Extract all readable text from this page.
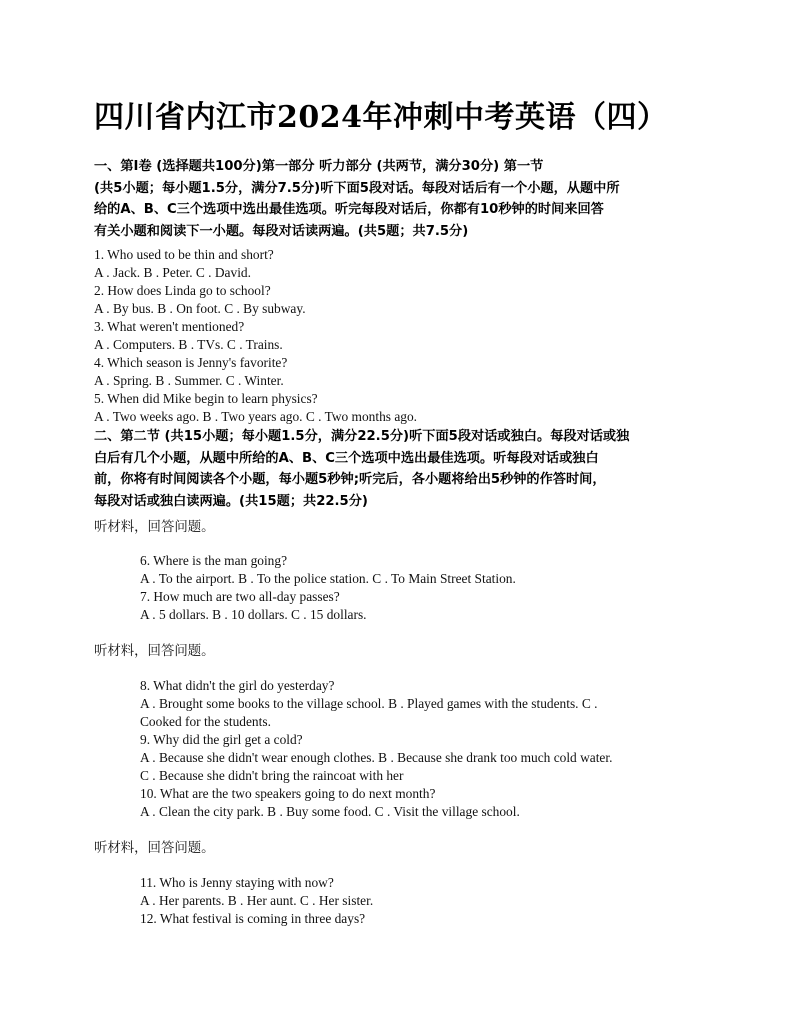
四川省内江市2024年冲刺中考英语（四）
一、第Ⅰ卷 (选择题共100分)第一部分 听力部分 (共两节，满分30分) 第一节
(共5小题；每小题1.5分，满分7.5分)听下面5段对话。每段对话后有一个小题，从题中所
给的A、B、C三个选项中选出最佳选项。听完每段对话后，你都有10秒钟的时间来回答
有关小题和阅读下一小题。每段对话读两遍。(共5题；共7.5分)
1. Who used to be thin and short?
A . Jack. B . Peter. C . David.
2. How does Linda go to school?
A . By bus. B . On foot. C . By subway.
3. What weren't mentioned?
A . Computers. B . TVs. C . Trains.
4. Which season is Jenny's favorite?
A . Spring. B . Summer. C . Winter.
5. When did Mike begin to learn physics?
A . Two weeks ago. B . Two years ago. C . Two months ago.
二、第二节 (共15小题；每小题1.5分，满分22.5分)听下面5段对话或独白。每段对话或独
白后有几个小题，从题中所给的A、B、C三个选项中选出最佳选项。听每段对话或独白
前，你将有时间阅读各个小题，每小题5秒钟;听完后，各小题将给出5秒钟的作答时间，
每段对话或独白读两遍。(共15题；共22.5分)
听材料，回答问题。
6. Where is the man going?
A . To the airport. B . To the police station. C . To Main Street Station.
7. How much are two all-day passes?
A . 5 dollars. B . 10 dollars. C . 15 dollars.
听材料，回答问题。
8. What didn't the girl do yesterday?
A . Brought some books to the village school. B . Played games with the students. C .
Cooked for the students.
9. Why did the girl get a cold?
A . Because she didn't wear enough clothes. B . Because she drank too much cold water.
C . Because she didn't bring the raincoat with her
10. What are the two speakers going to do next month?
A . Clean the city park. B . Buy some food. C . Visit the village school.
听材料，回答问题。
11. Who is Jenny staying with now?
A . Her parents. B . Her aunt. C . Her sister.
12. What festival is coming in three days?
